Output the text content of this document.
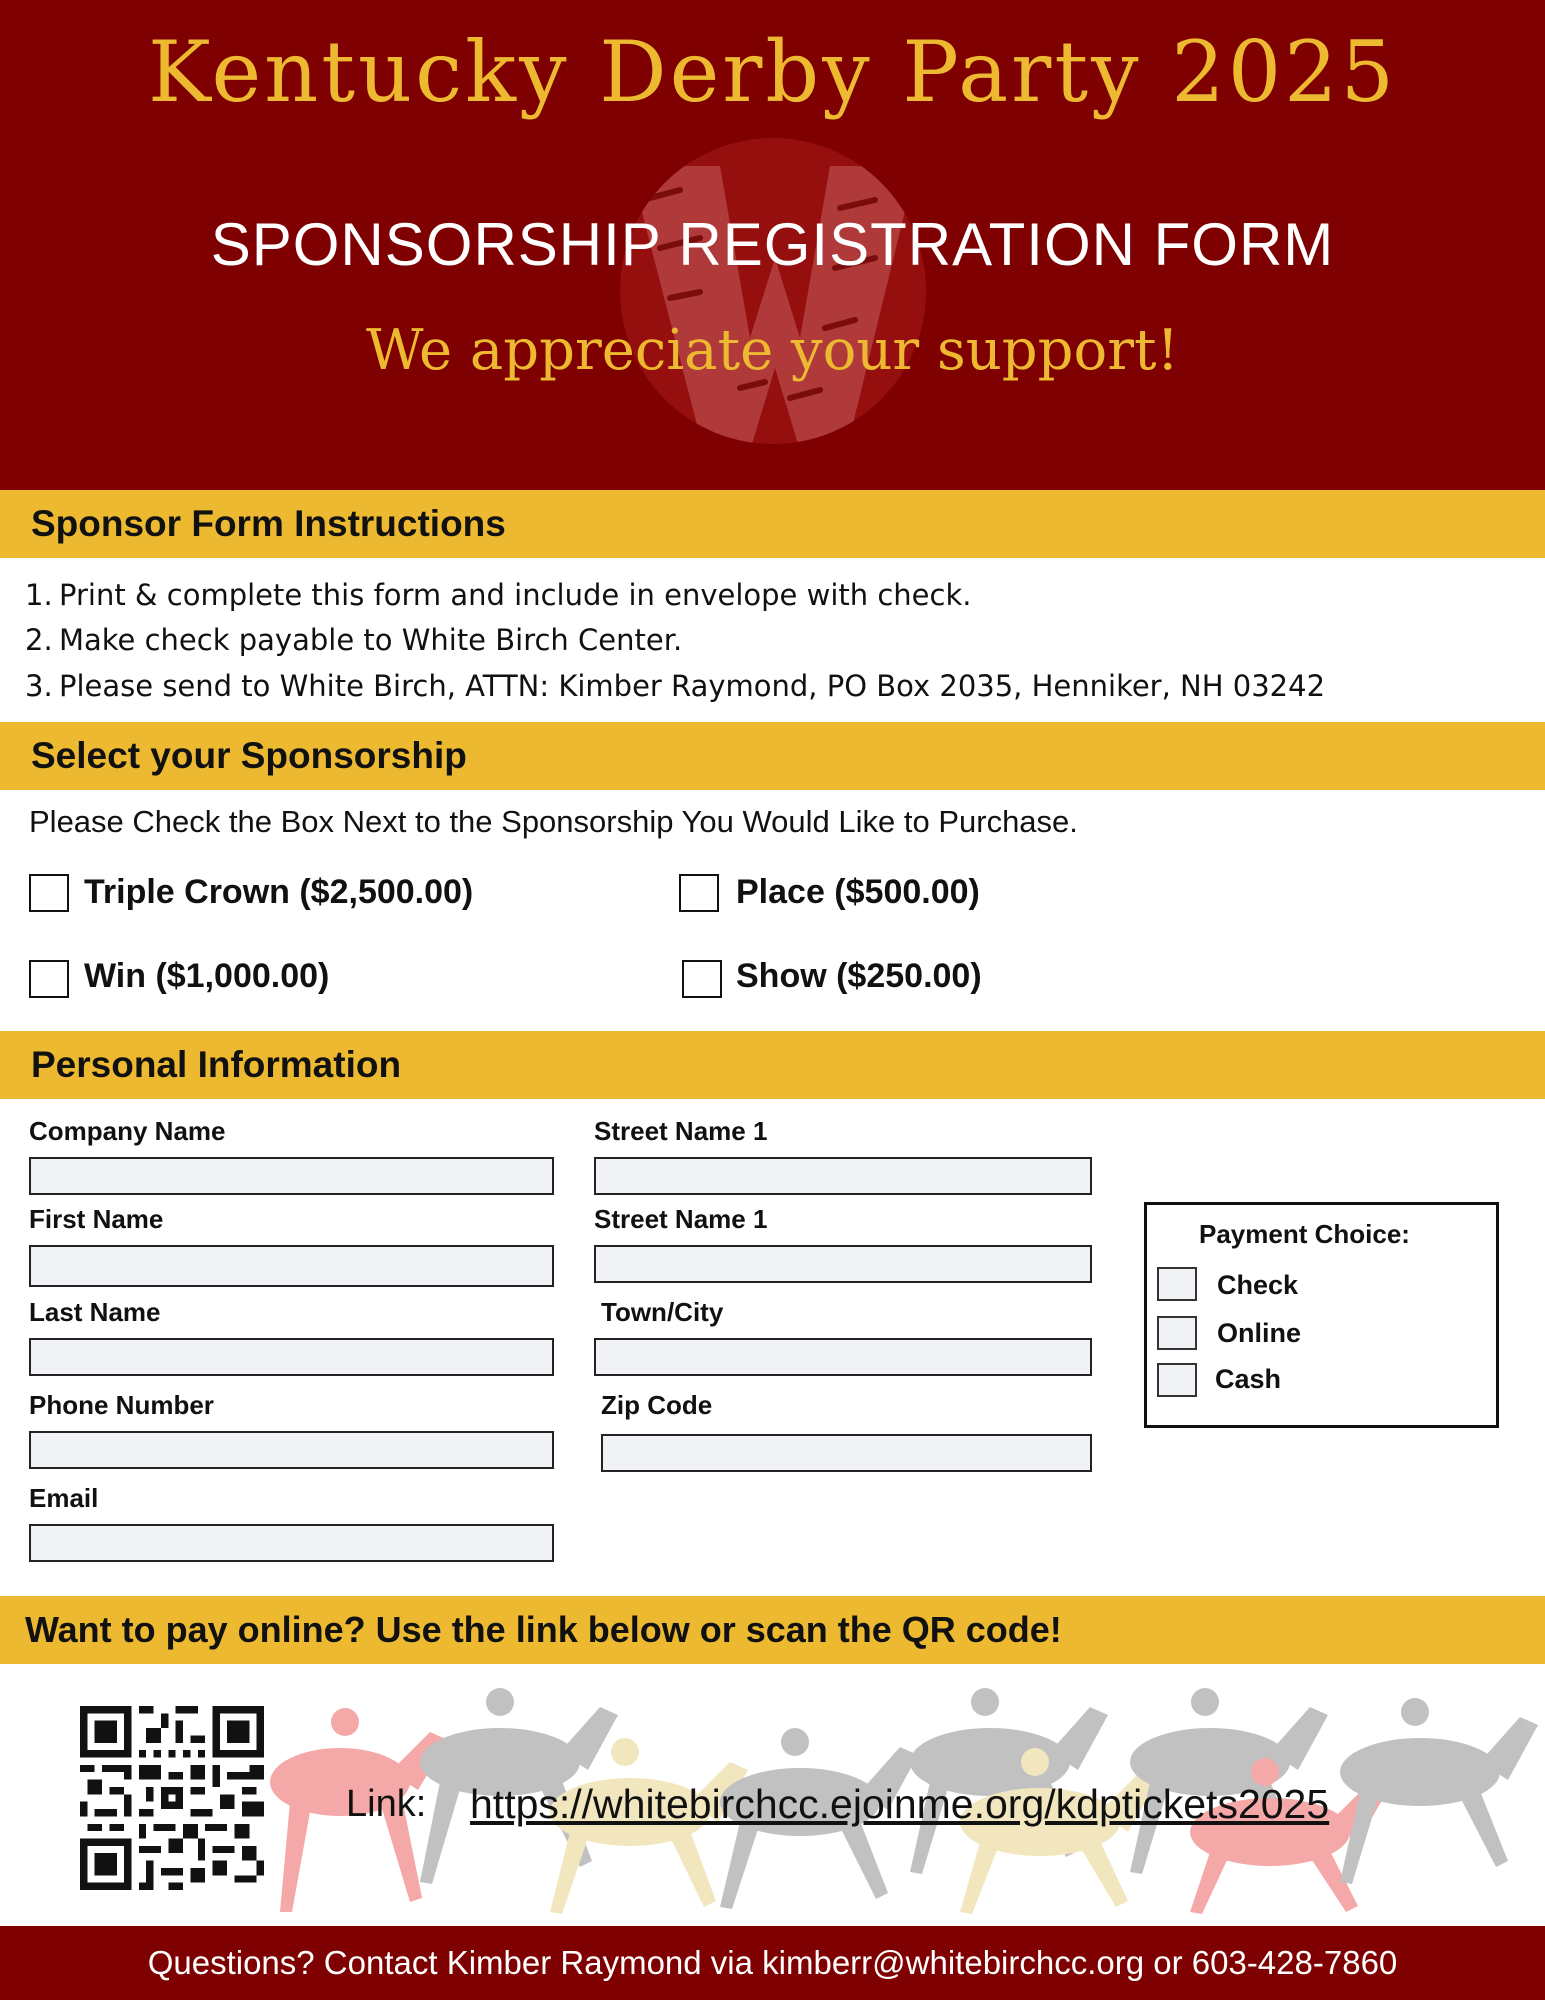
Kentucky Derby Party 2025
SPONSORSHIP REGISTRATION FORM
We appreciate your support!
Sponsor Form Instructions
1. Print & complete this form and include in envelope with check.
2. Make check payable to White Birch Center.
3. Please send to White Birch, ATTN: Kimber Raymond, PO Box 2035, Henniker, NH 03242
Select your Sponsorship
Please Check the Box Next to the Sponsorship You Would Like to Purchase.
Triple Crown ($2,500.00)	Place ($500.00)
Win ($1,000.00)	Show ($250.00)
Personal Information
Company Name
First Name
Last Name
Phone Number
Email
Street Name 1
Street Name 1
Town/City
Zip Code
Payment Choice:
Check
Online
Cash
Want to pay online? Use the link below or scan the QR code!
Link: https://whitebirchcc.ejoinme.org/kdptickets2025
Questions? Contact Kimber Raymond via kimberr@whitebirchcc.org or 603-428-7860
